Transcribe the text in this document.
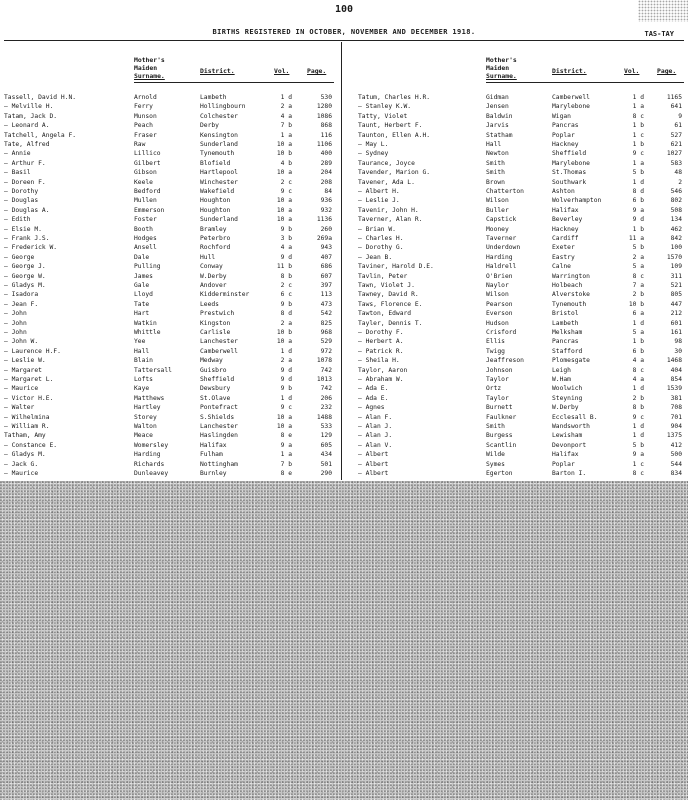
100
BIRTHS REGISTERED IN OCTOBER, NOVEMBER AND DECEMBER 1918.	TAS-TAY
Mother's
Maiden
Surname.
District.	Vol.	Page.
Mother's
Maiden
Surname.
District.	Vol.	Page.
Tassell, David H.N.	Arnold	Lambeth	1 d	530
— Melville H.	Ferry	Hollingbourn	2 a	1280
Tatam, Jack D.	Munson	Colchester	4 a	1086
— Leonard A.	Peach	Derby	7 b	868
Tatchell, Angela F.	Fraser	Kensington	1 a	116
Tate, Alfred	Raw	Sunderland	10 a	1106
— Annie	Lillico	Tynemouth	10 b	400
— Arthur F.	Gilbert	Blofield	4 b	289
— Basil	Gibson	Hartlepool	10 a	204
— Doreen F.	Keele	Winchester	2 c	208
— Dorothy	Bedford	Wakefield	9 c	84
— Douglas	Mullen	Houghton	10 a	936
— Douglas A.	Emmerson	Houghton	10 a	932
— Edith	Foster	Sunderland	10 a	1136
— Elsie M.	Booth	Bramley	9 b	260
— Frank J.S.	Hodges	Peterbro	3 b	269a
— Frederick W.	Ansell	Rochford	4 a	943
— George	Dale	Hull	9 d	407
— George J.	Pulling	Conway	11 b	686
— George W.	James	W.Derby	8 b	607
— Gladys M.	Gale	Andover	2 c	397
— Isadora	Lloyd	Kidderminster	6 c	113
— Jean F.	Tate	Leeds	9 b	473
— John	Hart	Prestwich	8 d	542
— John	Watkin	Kingston	2 a	825
— John	Whittle	Carlisle	10 b	968
— John W.	Yee	Lanchester	10 a	529
— Laurence H.F.	Hall	Camberwell	1 d	972
— Leslie W.	Blain	Medway	2 a	1078
— Margaret	Tattersall	Guisbro	9 d	742
— Margaret L.	Lofts	Sheffield	9 d	1013
— Maurice	Kaye	Dewsbury	9 b	742
— Victor H.E.	Matthews	St.Olave	1 d	206
— Walter	Hartley	Pontefract	9 c	232
— Wilhelmina	Storey	S.Shields	10 a	1488
— William R.	Walton	Lanchester	10 a	533
Tatham, Amy	Meace	Haslingden	8 e	129
— Constance E.	Womersley	Halifax	9 a	605
— Gladys M.	Harding	Fulham	1 a	434
— Jack G.	Richards	Nottingham	7 b	501
— Maurice	Dunleavey	Burnley	8 e	290
Tatum, Charles H.R.	Gidman	Camberwell	1 d	1165
— Stanley K.W.	Jensen	Marylebone	1 a	641
Tatty, Violet	Baldwin	Wigan	8 c	9
Taunt, Herbert F.	Jarvis	Pancras	1 b	61
Taunton, Ellen A.H.	Statham	Poplar	1 c	527
— May L.	Hall	Hackney	1 b	621
— Sydney	Newton	Sheffield	9 c	1027
Taurance, Joyce	Smith	Marylebone	1 a	583
Tavender, Marion G.	Smith	St.Thomas	5 b	48
Tavener, Ada L.	Brown	Southwark	1 d	2
— Albert H.	Chatterton	Ashton	8 d	546
— Leslie J.	Wilson	Wolverhampton	6 b	802
Tavenir, John H.	Buller	Halifax	9 a	508
Taverner, Alan R.	Capstick	Beverley	9 d	134
— Brian W.	Mooney	Hackney	1 b	462
— Charles H.	Taverner	Cardiff	11 a	842
— Dorothy G.	Underdown	Exeter	5 b	100
— Jean B.	Harding	Eastry	2 a	1570
Taviner, Harold D.E.	Haldrell	Calne	5 a	109
Tavlin, Peter	O'Brien	Warrington	8 c	311
Tawn, Violet J.	Naylor	Holbeach	7 a	521
Tawney, David R.	Wilson	Alverstoke	2 b	805
Taws, Florence E.	Pearson	Tynemouth	10 b	447
Tawton, Edward	Everson	Bristol	6 a	212
Tayler, Dennis T.	Hudson	Lambeth	1 d	601
— Dorothy F.	Crisford	Melksham	5 a	161
— Herbert A.	Ellis	Pancras	1 b	98
— Patrick R.	Twigg	Stafford	6 b	30
— Sheila H.	Jeaffreson	Plomesgate	4 a	1468
Taylor, Aaron	Johnson	Leigh	8 c	404
— Abraham W.	Taylor	W.Ham	4 a	854
— Ada E.	Ortz	Woolwich	1 d	1539
— Ada E.	Taylor	Steyning	2 b	381
— Agnes	Burnett	W.Derby	8 b	708
— Alan F.	Faulkner	Ecclesall B.	9 c	701
— Alan J.	Smith	Wandsworth	1 d	904
— Alan J.	Burgess	Lewisham	1 d	1375
— Alan V.	Scantlin	Devonport	5 b	412
— Albert	Wilde	Halifax	9 a	500
— Albert	Symes	Poplar	1 c	544
— Albert	Egerton	Barton I.	8 c	834
